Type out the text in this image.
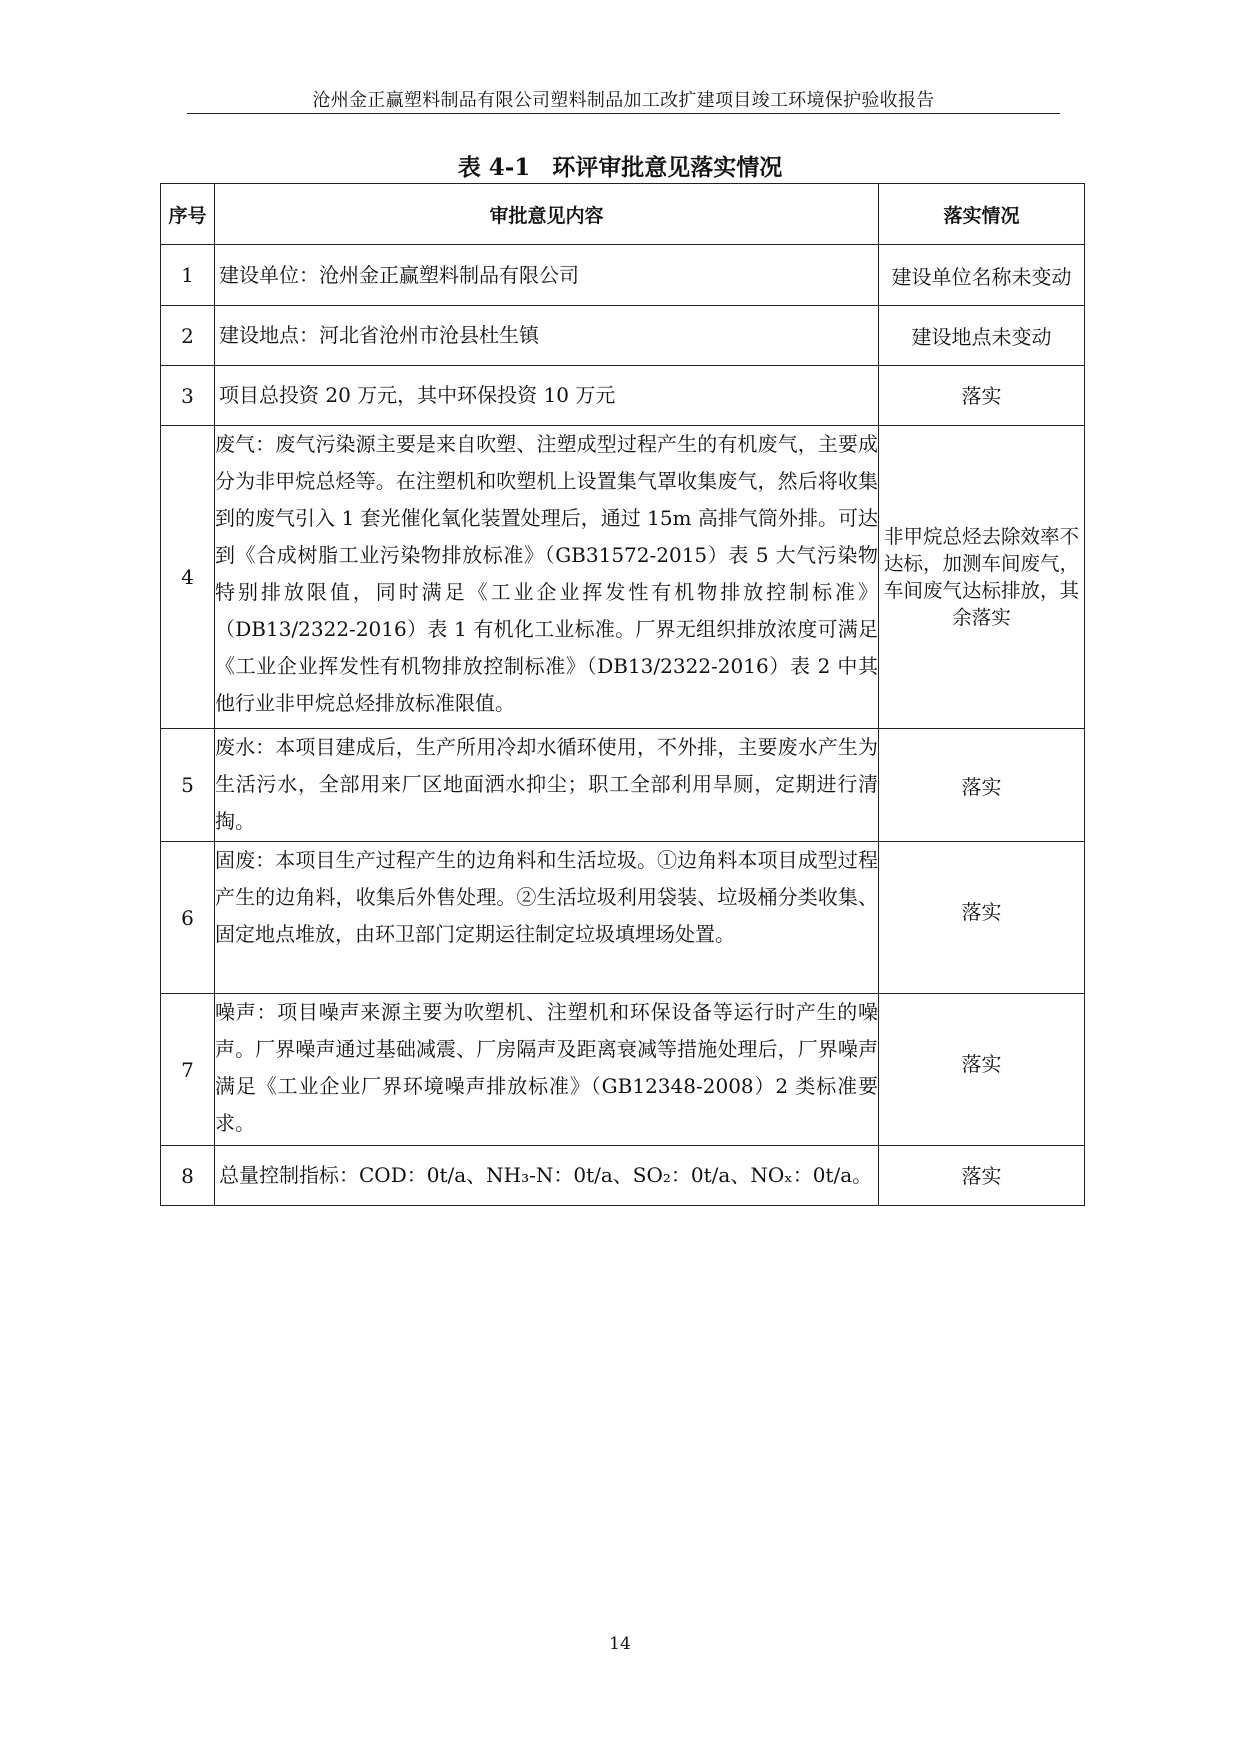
沧州金正赢塑料制品有限公司塑料制品加工改扩建项目竣工环境保护验收报告
表 4-1 环评审批意见落实情况
序号	审批意见内容	落实情况
1	建设单位：沧州金正赢塑料制品有限公司	建设单位名称未变动
2	建设地点：河北省沧州市沧县杜生镇	建设地点未变动
3	项目总投资 20 万元，其中环保投资 10 万元	落实
4	废气：废气污染源主要是来自吹塑、注塑成型过程产生的有机废气，主要成分为非甲烷总烃等。在注塑机和吹塑机上设置集气罩收集废气，然后将收集到的废气引入 1 套光催化氧化装置处理后，通过 15m 高排气筒外排。可达到《合成树脂工业污染物排放标准》（GB31572-2015）表 5 大气污染物特别排放限值，同时满足《工业企业挥发性有机物排放控制标准》（DB13/2322-2016）表 1 有机化工业标准。厂界无组织排放浓度可满足《工业企业挥发性有机物排放控制标准》（DB13/2322-2016）表 2 中其他行业非甲烷总烃排放标准限值。	非甲烷总烃去除效率不达标，加测车间废气，车间废气达标排放，其余落实
5	废水：本项目建成后，生产所用冷却水循环使用，不外排，主要废水产生为生活污水，全部用来厂区地面洒水抑尘；职工全部利用旱厕，定期进行清掏。	落实
6	固废：本项目生产过程产生的边角料和生活垃圾。①边角料本项目成型过程产生的边角料，收集后外售处理。②生活垃圾利用袋装、垃圾桶分类收集、固定地点堆放，由环卫部门定期运往制定垃圾填埋场处置。	落实
7	噪声：项目噪声来源主要为吹塑机、注塑机和环保设备等运行时产生的噪声。厂界噪声通过基础减震、厂房隔声及距离衰减等措施处理后，厂界噪声满足《工业企业厂界环境噪声排放标准》（GB12348-2008）2 类标准要求。	落实
8	总量控制指标：COD：0t/a、NH₃-N：0t/a、SO₂：0t/a、NOₓ：0t/a。	落实
14
